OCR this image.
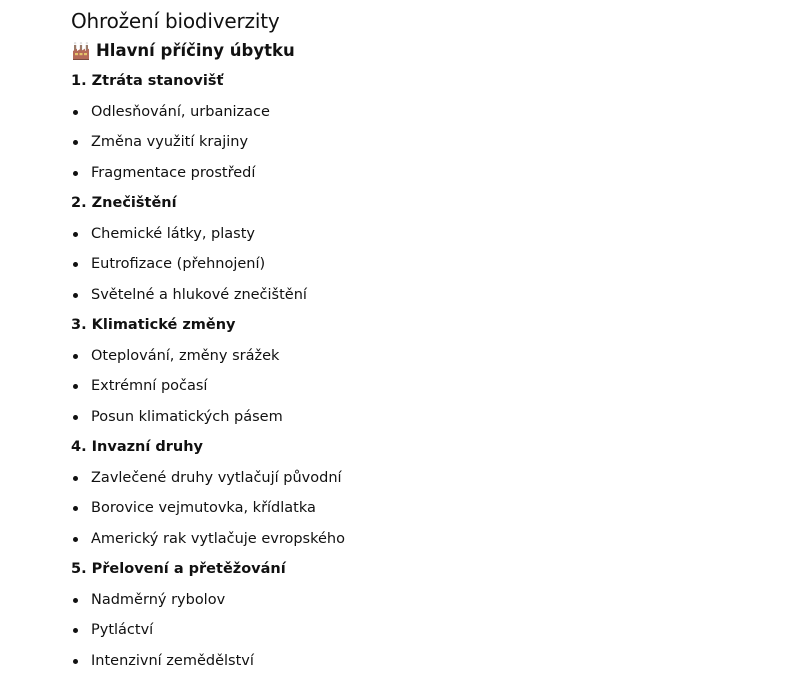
Ohrožení biodiverzity
Hlavní příčiny úbytku
1. Ztráta stanovišť
Odlesňování, urbanizace
Změna využití krajiny
Fragmentace prostředí
2. Znečištění
Chemické látky, plasty
Eutrofizace (přehnojení)
Světelné a hlukové znečištění
3. Klimatické změny
Oteplování, změny srážek
Extrémní počasí
Posun klimatických pásem
4. Invazní druhy
Zavlečené druhy vytlačují původní
Borovice vejmutovka, křídlatka
Americký rak vytlačuje evropského
5. Přelovení a přetěžování
Nadměrný rybolov
Pytláctví
Intenzivní zemědělství
